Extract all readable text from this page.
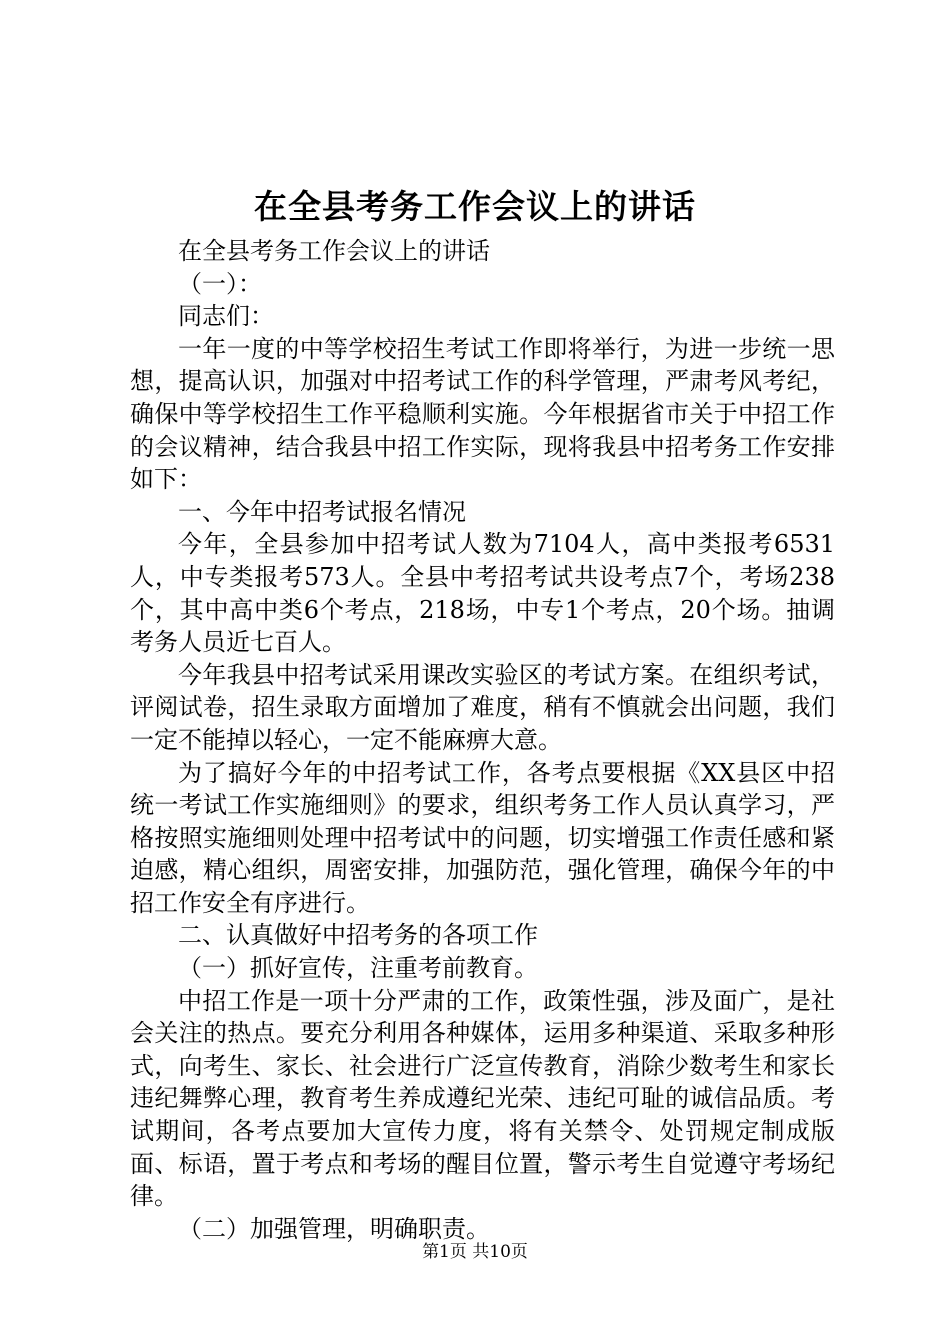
在全县考务工作会议上的讲话

在全县考务工作会议上的讲话

（一）：

同志们：

一年一度的中等学校招生考试工作即将举行，为进一步统一思想，提高认识，加强对中招考试工作的科学管理，严肃考风考纪，确保中等学校招生工作平稳顺利实施。今年根据省市关于中招工作的会议精神，结合我县中招工作实际，现将我县中招考务工作安排如下：

一、今年中招考试报名情况

今年，全县参加中招考试人数为7104人，高中类报考6531人，中专类报考573人。全县中考招考试共设考点7个，考场238个，其中高中类6个考点，218场，中专1个考点，20个场。抽调考务人员近七百人。

今年我县中招考试采用课改实验区的考试方案。在组织考试，评阅试卷，招生录取方面增加了难度，稍有不慎就会出问题，我们一定不能掉以轻心，一定不能麻痹大意。

为了搞好今年的中招考试工作，各考点要根据《XX县区中招统一考试工作实施细则》的要求，组织考务工作人员认真学习，严格按照实施细则处理中招考试中的问题，切实增强工作责任感和紧迫感，精心组织，周密安排，加强防范，强化管理，确保今年的中招工作安全有序进行。

二、认真做好中招考务的各项工作

（一）抓好宣传，注重考前教育。

中招工作是一项十分严肃的工作，政策性强，涉及面广，是社会关注的热点。要充分利用各种媒体，运用多种渠道、采取多种形式，向考生、家长、社会进行广泛宣传教育，消除少数考生和家长违纪舞弊心理，教育考生养成遵纪光荣、违纪可耻的诚信品质。考试期间，各考点要加大宣传力度，将有关禁令、处罚规定制成版面、标语，置于考点和考场的醒目位置，警示考生自觉遵守考场纪律。

（二）加强管理，明确职责。

第1页 共10页
